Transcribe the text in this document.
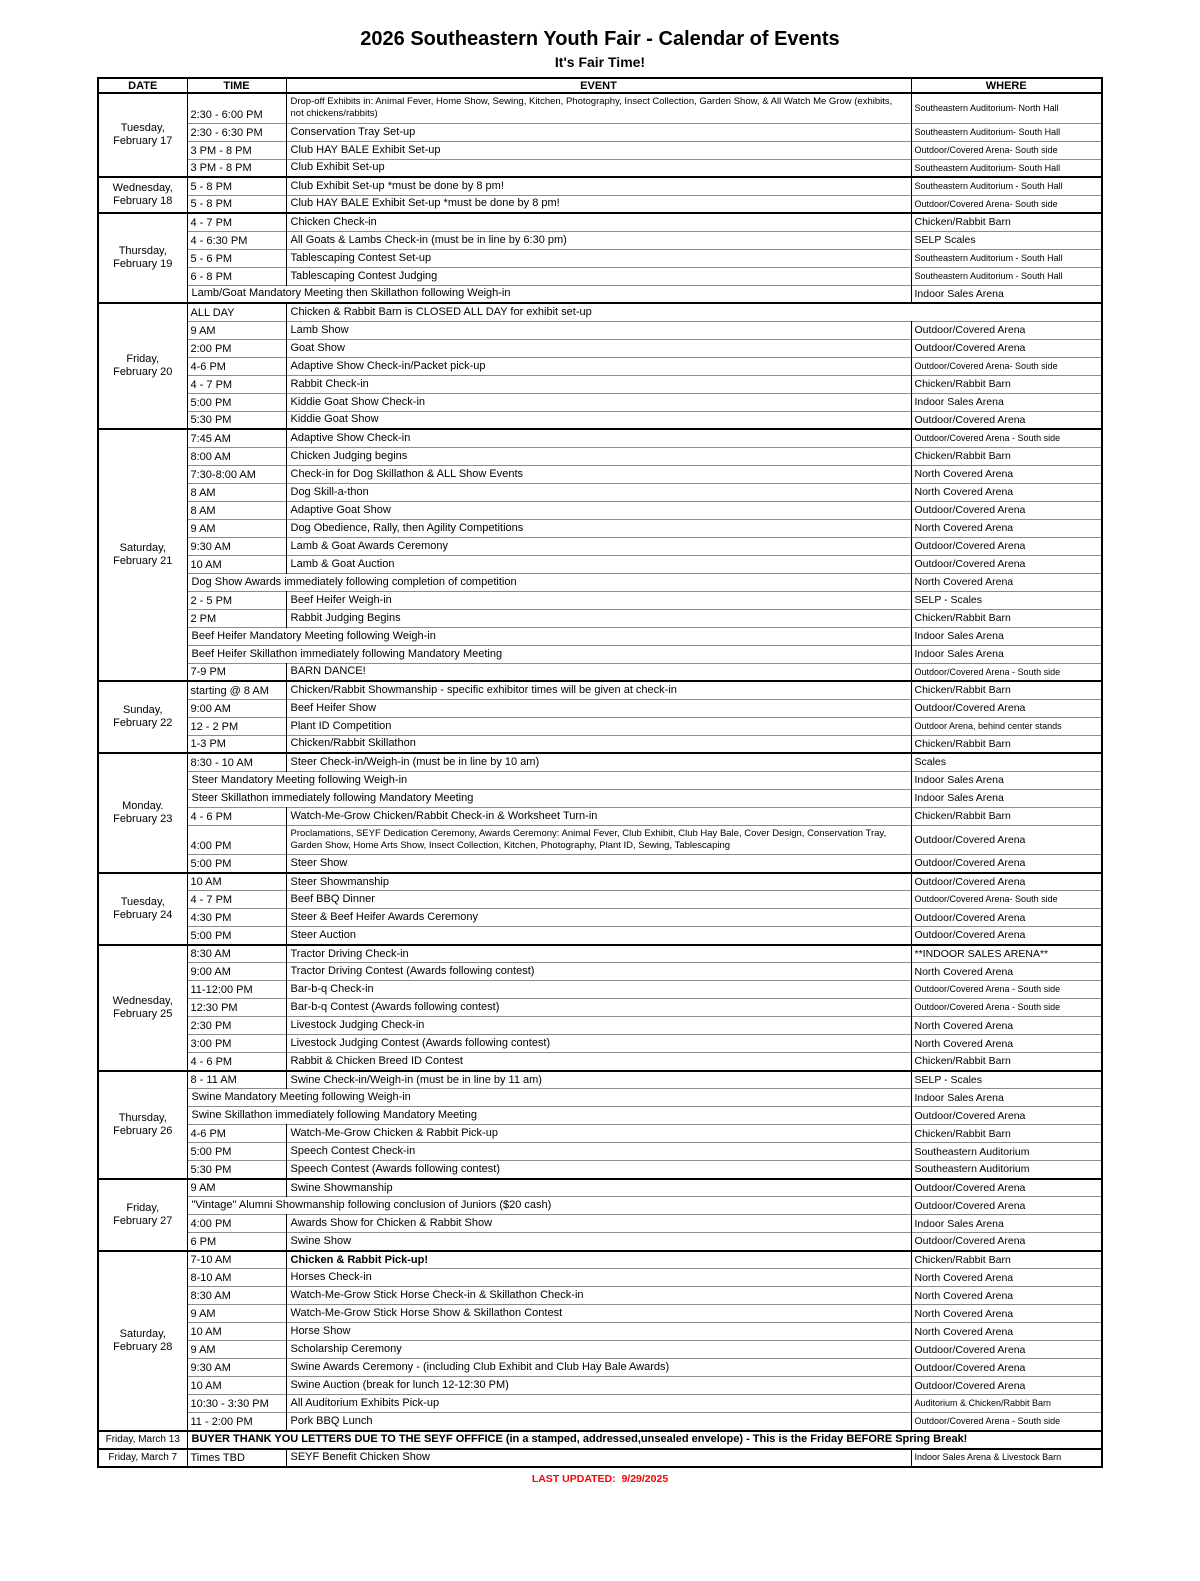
2026 Southeastern Youth Fair - Calendar of Events
It's Fair Time!
DATE	TIME	EVENT	WHERE

Tuesday,
February 17	2:30 - 6:00 PM	Drop-off Exhibits in: Animal Fever, Home Show, Sewing, Kitchen, Photography, Insect Collection, Garden Show, & All Watch Me Grow (exhibits, not chickens/rabbits)	Southeastern Auditorium- North Hall
	2:30 - 6:30 PM	Conservation Tray Set-up	Southeastern Auditorium- South Hall
	3 PM - 8 PM	Club HAY BALE Exhibit Set-up	Outdoor/Covered Arena- South side
	3 PM - 8 PM	Club Exhibit Set-up	Southeastern Auditorium- South Hall

Wednesday,
February 18	5 - 8 PM	Club Exhibit Set-up *must be done by 8 pm!	Southeastern Auditorium - South Hall
	5 - 8 PM	Club HAY BALE Exhibit Set-up *must be done by 8 pm!	Outdoor/Covered Arena- South side

Thursday,
February 19	4 - 7 PM	Chicken Check-in	Chicken/Rabbit Barn
	4 - 6:30 PM	All Goats & Lambs Check-in (must be in line by 6:30 pm)	SELP Scales
	5 - 6 PM	Tablescaping Contest Set-up	Southeastern Auditorium - South Hall
	6 - 8 PM	Tablescaping Contest Judging	Southeastern Auditorium - South Hall
	Lamb/Goat Mandatory Meeting then Skillathon following Weigh-in		Indoor Sales Arena

Friday,
February 20	ALL DAY	Chicken & Rabbit Barn is CLOSED ALL DAY for exhibit set-up	
	9 AM	Lamb Show	Outdoor/Covered Arena
	2:00 PM	Goat Show	Outdoor/Covered Arena
	4-6 PM	Adaptive Show Check-in/Packet pick-up	Outdoor/Covered Arena- South side
	4 - 7 PM	Rabbit Check-in	Chicken/Rabbit Barn
	5:00 PM	Kiddie Goat Show Check-in	Indoor Sales Arena
	5:30 PM	Kiddie Goat Show	Outdoor/Covered Arena

Saturday,
February 21	7:45 AM	Adaptive Show Check-in	Outdoor/Covered Arena - South side
	8:00 AM	Chicken Judging begins	Chicken/Rabbit Barn
	7:30-8:00 AM	Check-in for Dog Skillathon & ALL Show Events	North Covered Arena
	8 AM	Dog Skill-a-thon	North Covered Arena
	8 AM	Adaptive Goat Show	Outdoor/Covered Arena
	9 AM	Dog Obedience, Rally, then Agility Competitions	North Covered Arena
	9:30 AM	Lamb & Goat Awards Ceremony	Outdoor/Covered Arena
	10 AM	Lamb & Goat Auction	Outdoor/Covered Arena
	Dog Show Awards immediately following completion of competition		North Covered Arena
	2 - 5 PM	Beef Heifer Weigh-in	SELP - Scales
	2 PM	Rabbit Judging Begins	Chicken/Rabbit Barn
	Beef Heifer Mandatory Meeting following Weigh-in		Indoor Sales Arena
	Beef Heifer Skillathon immediately following Mandatory Meeting		Indoor Sales Arena
	7-9 PM	BARN DANCE!	Outdoor/Covered Arena - South side

Sunday,
February 22	starting @ 8 AM	Chicken/Rabbit Showmanship - specific exhibitor times will be given at check-in	Chicken/Rabbit Barn
	9:00 AM	Beef Heifer Show	Outdoor/Covered Arena
	12 - 2 PM	Plant ID Competition	Outdoor Arena, behind center stands
	1-3 PM	Chicken/Rabbit Skillathon	Chicken/Rabbit Barn

Monday.
February 23	8:30 - 10 AM	Steer Check-in/Weigh-in (must be in line by 10 am)	Scales
	Steer Mandatory Meeting following Weigh-in		Indoor Sales Arena
	Steer Skillathon immediately following Mandatory Meeting		Indoor Sales Arena
	4 - 6 PM	Watch-Me-Grow Chicken/Rabbit Check-in & Worksheet Turn-in	Chicken/Rabbit Barn
	4:00 PM	Proclamations, SEYF Dedication Ceremony, Awards Ceremony: Animal Fever, Club Exhibit, Club Hay Bale, Cover Design, Conservation Tray, Garden Show, Home Arts Show, Insect Collection, Kitchen, Photography, Plant ID, Sewing, Tablescaping	Outdoor/Covered Arena
	5:00 PM	Steer Show	Outdoor/Covered Arena

Tuesday,
February 24	10 AM	Steer Showmanship	Outdoor/Covered Arena
	4 - 7 PM	Beef BBQ Dinner	Outdoor/Covered Arena- South side
	4:30 PM	Steer & Beef Heifer Awards Ceremony	Outdoor/Covered Arena
	5:00 PM	Steer Auction	Outdoor/Covered Arena

Wednesday,
February 25	8:30 AM	Tractor Driving Check-in	**INDOOR SALES ARENA**
	9:00 AM	Tractor Driving Contest (Awards following contest)	North Covered Arena
	11-12:00 PM	Bar-b-q Check-in	Outdoor/Covered Arena - South side
	12:30 PM	Bar-b-q Contest (Awards following contest)	Outdoor/Covered Arena - South side
	2:30 PM	Livestock Judging Check-in	North Covered Arena
	3:00 PM	Livestock Judging Contest (Awards following contest)	North Covered Arena
	4 - 6 PM	Rabbit & Chicken Breed ID Contest	Chicken/Rabbit Barn

Thursday,
February 26	8 - 11 AM	Swine Check-in/Weigh-in (must be in line by 11 am)	SELP - Scales
	Swine Mandatory Meeting following Weigh-in		Indoor Sales Arena
	Swine Skillathon immediately following Mandatory Meeting		Outdoor/Covered Arena
	4-6 PM	Watch-Me-Grow Chicken & Rabbit Pick-up	Chicken/Rabbit Barn
	5:00 PM	Speech Contest Check-in	Southeastern Auditorium
	5:30 PM	Speech Contest (Awards following contest)	Southeastern Auditorium

Friday,
February 27	9 AM	Swine Showmanship	Outdoor/Covered Arena
	"Vintage" Alumni Showmanship following conclusion of Juniors ($20 cash)		Outdoor/Covered Arena
	4:00 PM	Awards Show for Chicken & Rabbit Show	Indoor Sales Arena
	6 PM	Swine Show	Outdoor/Covered Arena

Saturday,
February 28	7-10 AM	Chicken & Rabbit Pick-up!	Chicken/Rabbit Barn
	8-10 AM	Horses Check-in	North Covered Arena
	8:30 AM	Watch-Me-Grow Stick Horse Check-in & Skillathon Check-in	North Covered Arena
	9 AM	Watch-Me-Grow Stick Horse Show & Skillathon Contest	North Covered Arena
	10 AM	Horse Show	North Covered Arena
	9 AM	Scholarship Ceremony	Outdoor/Covered Arena
	9:30 AM	Swine Awards Ceremony - (including Club Exhibit and Club Hay Bale Awards)	Outdoor/Covered Arena
	10 AM	Swine Auction (break for lunch 12-12:30 PM)	Outdoor/Covered Arena
	10:30 - 3:30 PM	All Auditorium Exhibits Pick-up	Auditorium & Chicken/Rabbit Barn
	11 - 2:00 PM	Pork BBQ Lunch	Outdoor/Covered Arena - South side

Friday, March 13	BUYER THANK YOU LETTERS DUE TO THE SEYF OFFFICE (in a stamped, addressed,unsealed envelope) - This is the Friday BEFORE Spring Break!		

Friday, March 7	Times TBD	SEYF Benefit Chicken Show	Indoor Sales Arena & Livestock Barn
LAST UPDATED:  9/29/2025
